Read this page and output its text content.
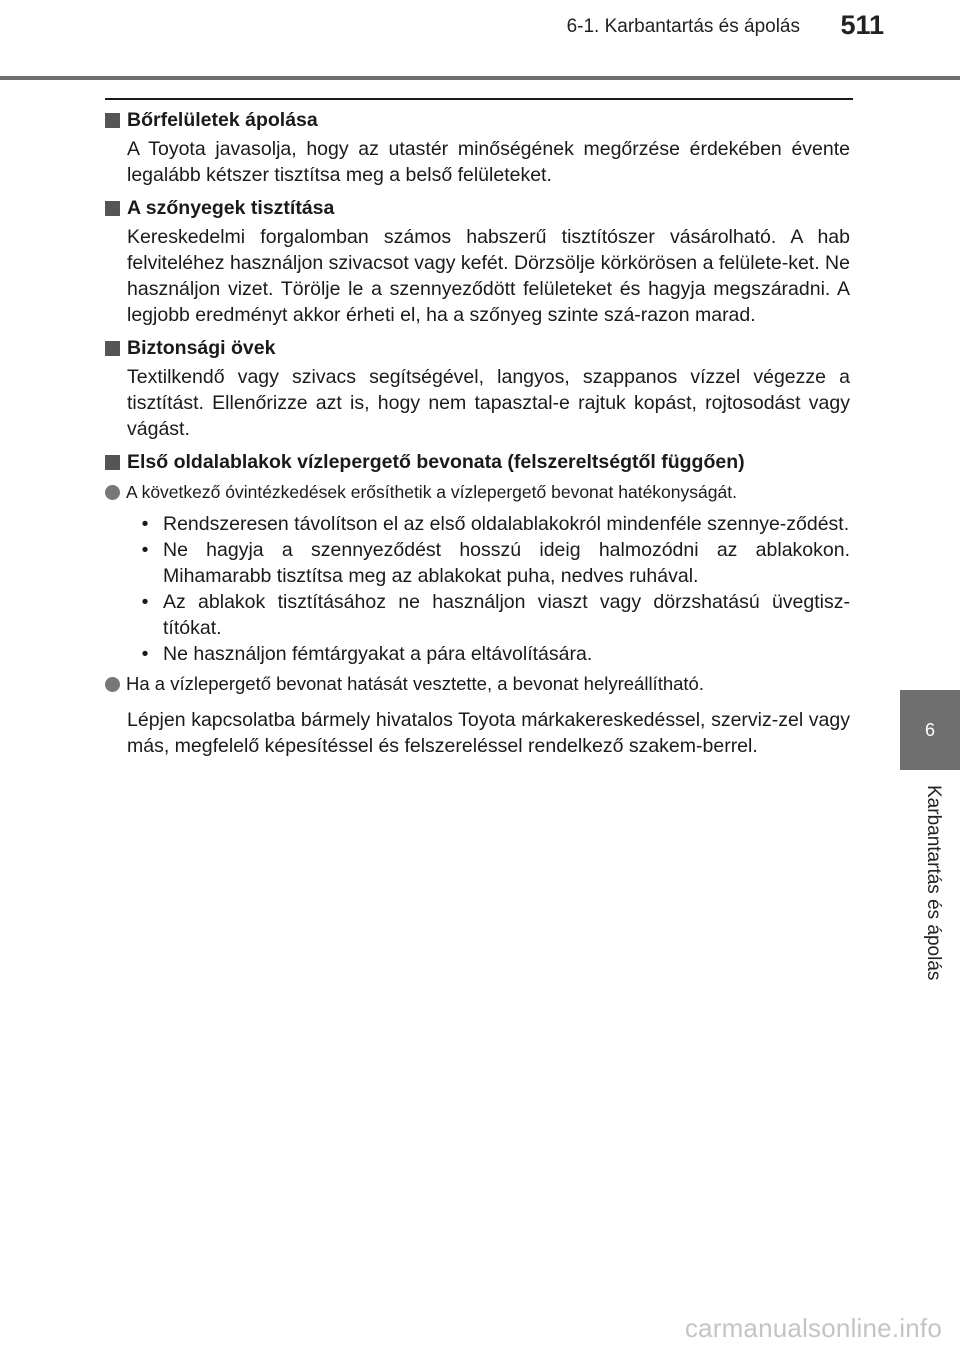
6-1. Karbantartás és ápolás 511
Bőrfelületek ápolása

A Toyota javasolja, hogy az utastér minőségének megőrzése érdekében évente legalább kétszer tisztítsa meg a belső felületeket.

A szőnyegek tisztítása

Kereskedelmi forgalomban számos habszerű tisztítószer vásárolható. A hab felviteléhez használjon szivacsot vagy kefét. Dörzsölje körkörösen a felülete-ket. Ne használjon vizet. Törölje le a szennyeződött felületeket és hagyja megszáradni. A legjobb eredményt akkor érheti el, ha a szőnyeg szinte szá-razon marad.

Biztonsági övek

Textilkendő vagy szivacs segítségével, langyos, szappanos vízzel végezze a tisztítást. Ellenőrizze azt is, hogy nem tapasztal-e rajtuk kopást, rojtosodást vagy vágást.

Első oldalablakok vízlepergető bevonata (felszereltségtől függően)
A következő óvintézkedések erősíthetik a vízlepergető bevonat hatékonyságát.
• Rendszeresen távolítson el az első oldalablakokról mindenféle szennye-ződést.
• Ne hagyja a szennyeződést hosszú ideig halmozódni az ablakokon. Mihamarabb tisztítsa meg az ablakokat puha, nedves ruhával.
• Az ablakok tisztításához ne használjon viaszt vagy dörzshatású üvegtisz-títókat.
• Ne használjon fémtárgyakat a pára eltávolítására.
Ha a vízlepergető bevonat hatását vesztette, a bevonat helyreállítható.

Lépjen kapcsolatba bármely hivatalos Toyota márkakereskedéssel, szerviz-zel vagy más, megfelelő képesítéssel és felszereléssel rendelkező szakem-berrel.

6
Karbantartás és ápolás
carmanualsonline.info
